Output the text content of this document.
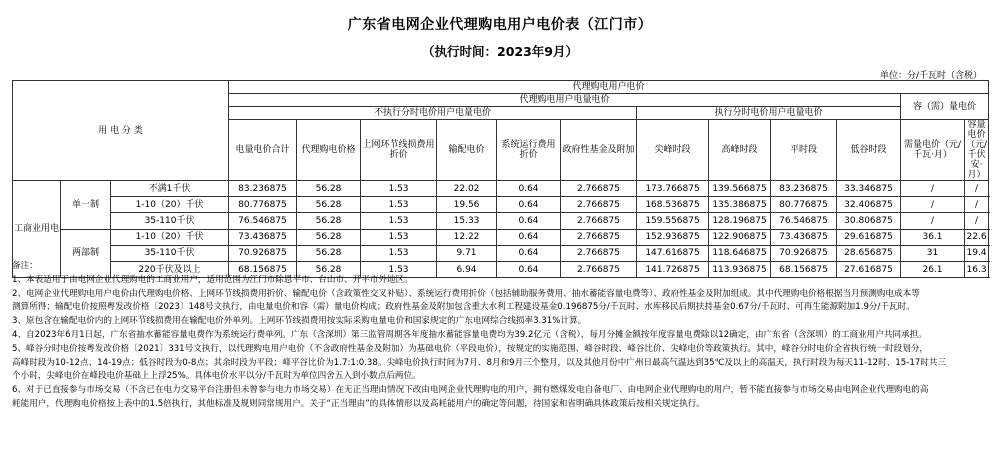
广东省电网企业代理购电用户电价表（江门市）
（执行时间：2023年9月）
单位：分/千瓦时（含税）
用 电 分 类			代理购电用户电价											
			代理购电用户电量电价										容（需）量电价	
			不执行分时电价用户电量电价						执行分时电价用户电量电价					
			电量电价合计	代理购电价格	上网环节线损费用折价	输配电价	系统运行费用折价	政府性基金及附加	尖峰时段	高峰时段	平时段	低谷时段	需量电价（元/千瓦·月）	容量电价（元/千伏安·月）
工商业用电	单一制	不满1千伏	83.236875	56.28	1.53	22.02	0.64	2.766875	173.766875	139.566875	83.236875	33.346875	/	/
		1-10（20）千伏	80.776875	56.28	1.53	19.56	0.64	2.766875	168.536875	135.386875	80.776875	32.406875	/	/
		35-110千伏	76.546875	56.28	1.53	15.33	0.64	2.766875	159.556875	128.196875	76.546875	30.806875	/	/
	两部制	1-10（20）千伏	73.436875	56.28	1.53	12.22	0.64	2.766875	152.936875	122.906875	73.436875	29.616875	36.1	22.6
		35-110千伏	70.926875	56.28	1.53	9.71	0.64	2.766875	147.616875	118.646875	70.926875	28.656875	31	19.4
		220千伏及以上	68.156875	56.28	1.53	6.94	0.64	2.766875	141.726875	113.936875	68.156875	27.616875	26.1	16.3
备注：
1、本表适用于由电网企业代理购电的工商业用户，适用范围为江门市除恩平市、台山市、开平市外地区。
2、电网企业代理购电用户电价由代理购电价格、上网环节线损费用折价、输配电价（含政策性交叉补贴）、系统运行费用折价（包括辅助服务费用、抽水蓄能容量电费等）、政府性基金及附加组成。其中代理购电价格根据当月预测购电成本等
测算所得；输配电价按照粤发改价格〔2023〕148号文执行，由电量电价和容（需）量电价构成；政府性基金及附加包含重大水利工程建设基金0.196875分/千瓦时、水库移民后期扶持基金0.67分/千瓦时、可再生能源附加1.9分/千瓦时。
3、原包含在输配电价内的上网环节线损费用在输配电价外单列。上网环节线损费用按实际采购电量电价和国家规定的广东电网综合线损率3.31%计算。
4、自2023年6月1日起，广东省抽水蓄能容量电费作为系统运行费单列。广东（含深圳）第三监管周期各年度抽水蓄能容量电费均为39.2亿元（含税），每月分摊金额按年度容量电费除以12确定，由广东省（含深圳）的工商业用户共同承担。
5、峰谷分时电价按粤发改价格〔2021〕331号文执行，以代理购电用户电价（不含政府性基金及附加）为基础电价（平段电价），按规定的实施范围、峰谷时段、峰谷比价、尖峰电价等政策执行。其中，峰谷分时电价全省执行统一时段划分，
高峰时段为10-12点、14-19点；低谷时段为0-8点；其余时段为平段；峰平谷比价为1.7:1:0.38。尖峰电价执行时间为7月、8月和9月三个整月，以及其他月份中广州日最高气温达到35℃及以上的高温天，执行时段为每天11-12时、15-17时共三
个小时，尖峰电价在峰段电价基础上上浮25%。具体电价水平以分/千瓦时为单位四舍五入到小数点后两位。
6、对于已直接参与市场交易（不含已在电力交易平台注册但未曾参与电力市场交易）在无正当理由情况下改由电网企业代理购电的用户，拥有燃煤发电自备电厂、由电网企业代理购电的用户，暂不能直接参与市场交易由电网企业代理购电的高
耗能用户，代理购电价格按上表中的1.5倍执行，其他标准及规则同常规用户。关于“正当理由”的具体情形以及高耗能用户的确定等问题，待国家和省明确具体政策后按相关规定执行。
